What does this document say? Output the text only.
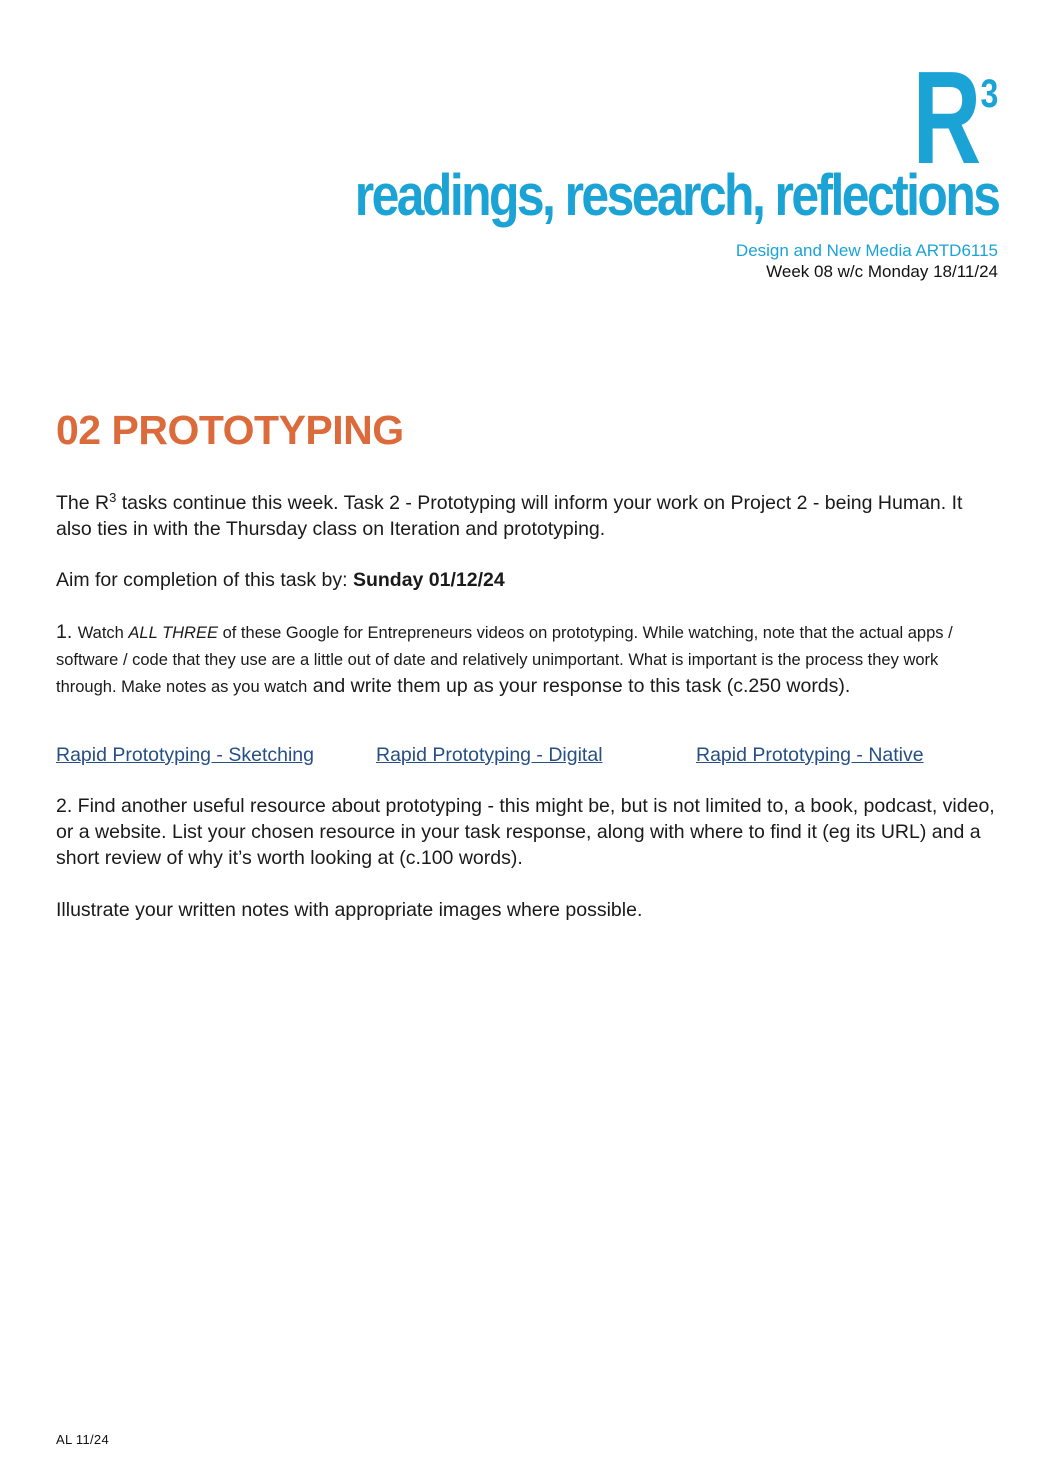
R 3
readings, research, reflections
Design and New Media ARTD6115
Week 08 w/c Monday 18/11/24
02 PROTOTYPING

The $R^3$ tasks continue this week. Task 2 - Prototyping will inform your work on Project 2 - being Human. It also ties in with the Thursday class on Iteration and prototyping.

Aim for completion of this task by: Sunday 01/12/24

1. Watch ALL THREE of these Google for Entrepreneurs videos on prototyping. While watching, note that the actual apps / software / code that they use are a little out of date and relatively unimportant. What is important is the process they work through. Make notes as you watch and write them up as your response to this task (c.250 words).

Rapid Prototyping - Sketching	Rapid Prototyping - Digital	Rapid Prototyping - Native

2. Find another useful resource about prototyping - this might be, but is not limited to, a book, podcast, video, or a website. List your chosen resource in your task response, along with where to find it (eg its URL) and a short review of why it’s worth looking at (c.100 words).

Illustrate your written notes with appropriate images where possible.

AL 11/24
